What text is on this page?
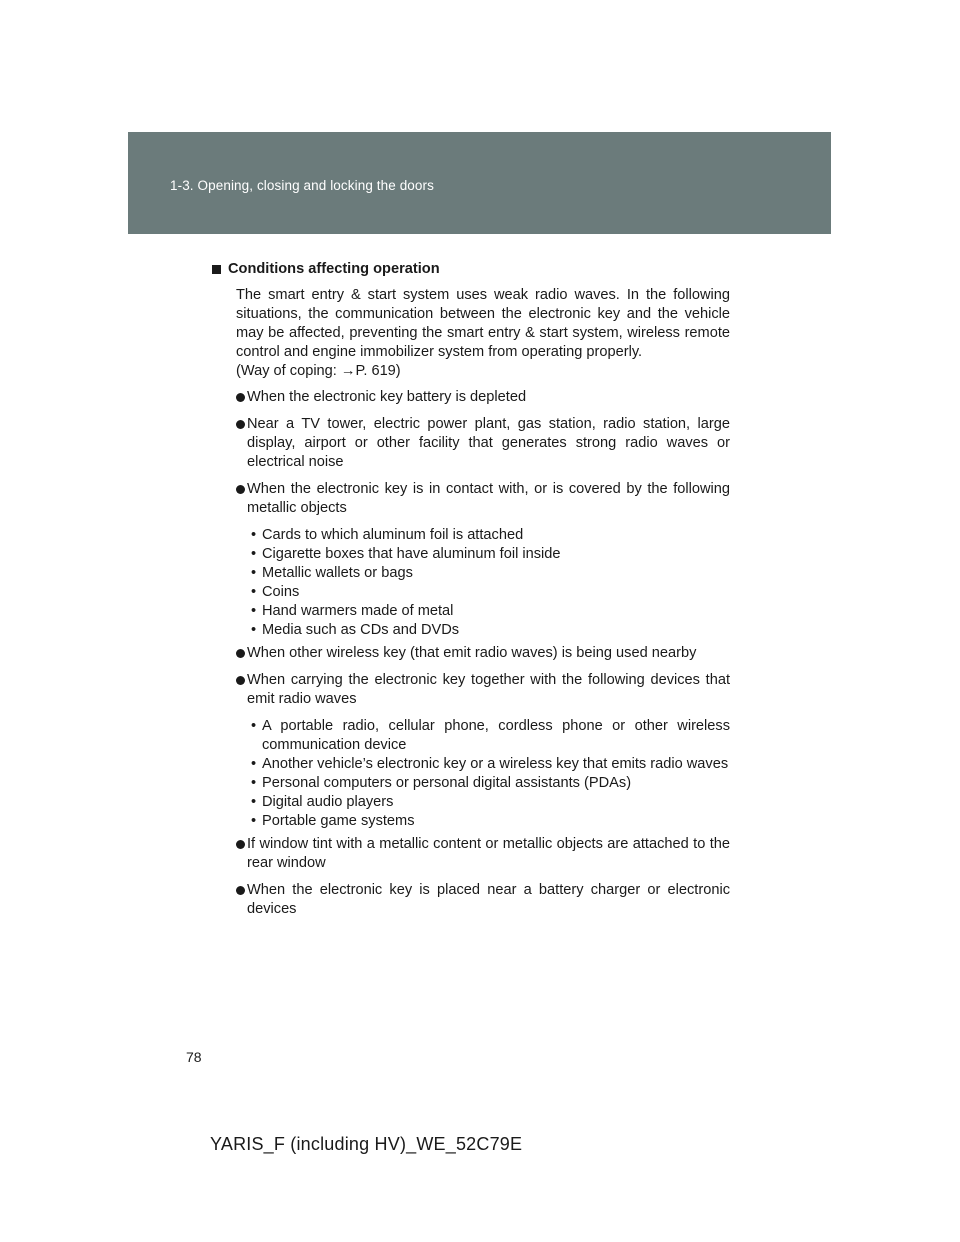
1-3. Opening, closing and locking the doors
Conditions affecting operation

The smart entry & start system uses weak radio waves. In the following situations, the communication between the electronic key and the vehicle may be affected, preventing the smart entry & start system, wireless remote control and engine immobilizer system from operating properly.
(Way of coping: →P. 619)

When the electronic key battery is depleted
Near a TV tower, electric power plant, gas station, radio station, large display, airport or other facility that generates strong radio waves or electrical noise
When the electronic key is in contact with, or is covered by the following metallic objects
• Cards to which aluminum foil is attached
• Cigarette boxes that have aluminum foil inside
• Metallic wallets or bags
• Coins
• Hand warmers made of metal
• Media such as CDs and DVDs
When other wireless key (that emit radio waves) is being used nearby
When carrying the electronic key together with the following devices that emit radio waves
• A portable radio, cellular phone, cordless phone or other wireless communication device
• Another vehicle’s electronic key or a wireless key that emits radio waves
• Personal computers or personal digital assistants (PDAs)
• Digital audio players
• Portable game systems
If window tint with a metallic content or metallic objects are attached to the rear window
When the electronic key is placed near a battery charger or electronic devices
78
YARIS_F (including HV)_WE_52C79E
